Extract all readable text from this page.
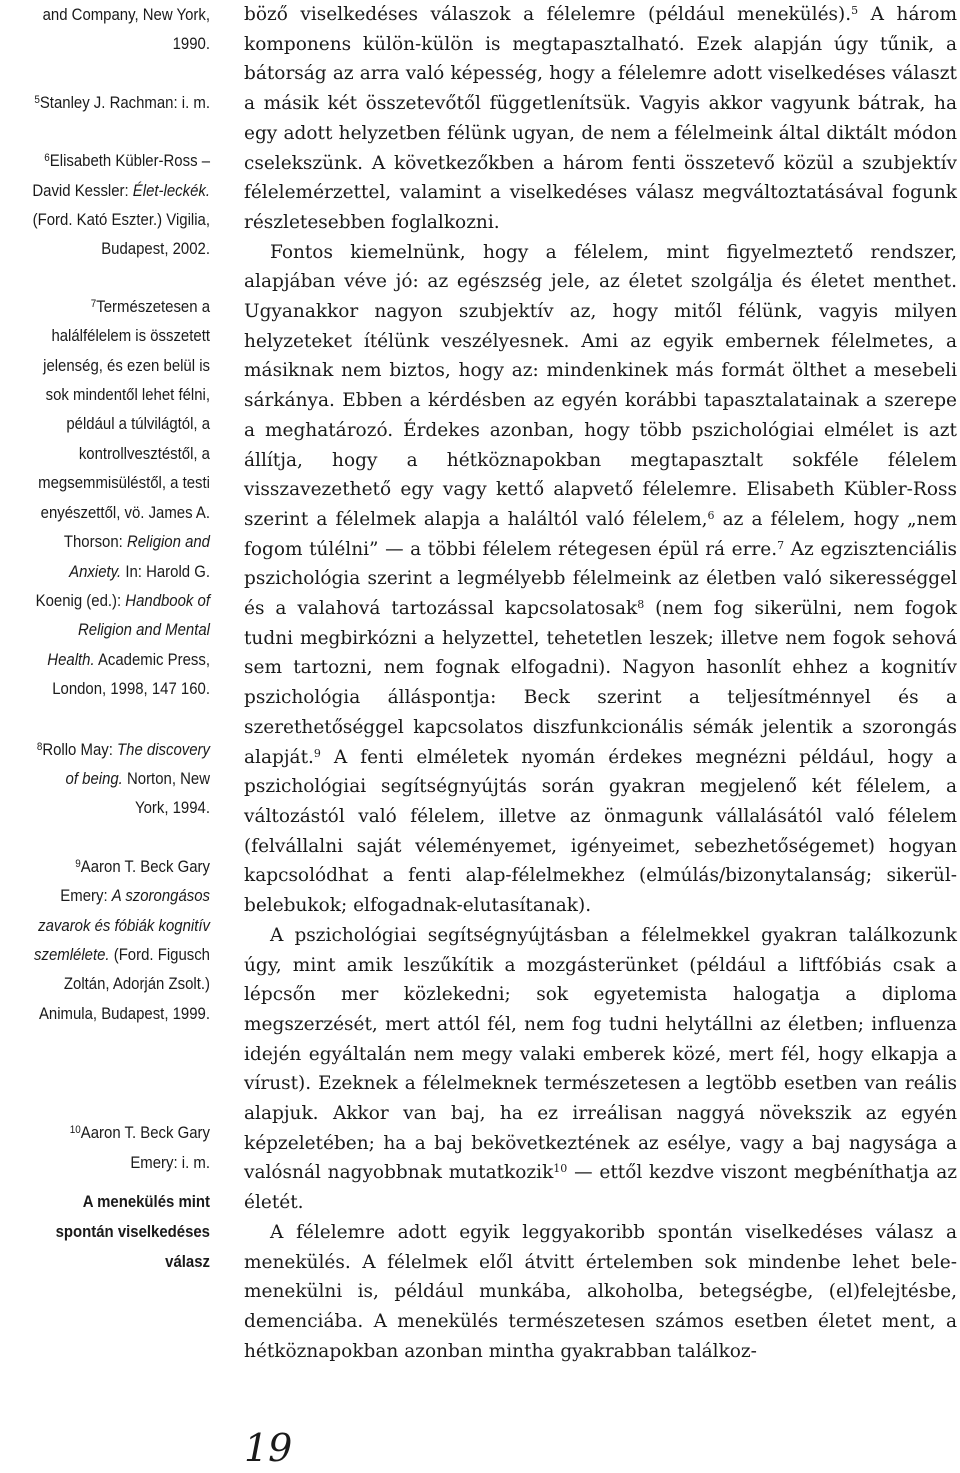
and Company, New York, 1990.

$^5$Stanley J. Rachman: i. m.

$^6$Elisabeth Kübler-Ross – David Kessler: Élet-leckék. (Ford. Kató Eszter.) Vigilia, Budapest, 2002.

$^7$Természetesen a halálfélelem is összetett jelenség, és ezen belül is sok mindentől lehet félni, például a túlvilágtól, a kontrollvesztéstől, a megsemmisüléstől, a testi enyészettől, vö. James A. Thorson: Religion and Anxiety. In: Harold G. Koenig (ed.): Handbook of Religion and Mental Health. Academic Press, London, 1998, 147 160.

$^8$Rollo May: The discovery of being. Norton, New York, 1994.

$^9$Aaron T. Beck Gary Emery: A szorongásos zavarok és fóbiák kognitív szemlélete. (Ford. Figusch Zoltán, Adorján Zsolt.) Animula, Budapest, 1999.

$^{10}$Aaron T. Beck Gary Emery: i. m.

A menekülés mint spontán viselkedéses válasz

böző viselkedéses válaszok a félelemre (például menekülés).$^5$ A három komponens külön-külön is megtapasztalható. Ezek alapján úgy tűnik, a bátorság az arra való képesség, hogy a félelemre adott viselkedéses választ a másik két összetevőtől függetlenítsük. Vagyis akkor vagyunk bátrak, ha egy adott helyzetben félünk ugyan, de nem a félelmeink által diktált módon cselekszünk. A következőkben a három fenti összetevő közül a szubjektív félelemérzettel, valamint a viselkedéses válasz megváltoztatásával fogunk részletesebben foglalkozni.

Fontos kiemelnünk, hogy a félelem, mint figyelmeztető rendszer, alapjában véve jó: az egészség jele, az életet szolgálja és életet menthet. Ugyanakkor nagyon szubjektív az, hogy mitől félünk, vagyis milyen helyzeteket ítélünk veszélyesnek. Ami az egyik embernek félelmetes, a másiknak nem biztos, hogy az: mindenkinek más formát ölthet a mesebeli sárkánya. Ebben a kérdésben az egyén korábbi tapasztalatainak a szerepe a meghatározó. Érdekes azonban, hogy több pszichológiai elmélet is azt állítja, hogy a hétköznapokban megtapasztalt sokféle félelem visszavezethető egy vagy kettő alapvető félelemre. Elisabeth Kübler-Ross szerint a félelmek alapja a haláltól való félelem,$^6$ az a félelem, hogy „nem fogom túlélni” — a többi félelem rétegesen épül rá erre.$^7$ Az egzisztenciális pszichológia szerint a legmélyebb félelmeink az életben való sikerességgel és a valahová tartozással kapcsolatosak$^8$ (nem fog sikerülni, nem fogok tudni megbirkózni a helyzettel, tehetetlen leszek; illetve nem fogok sehová sem tartozni, nem fognak elfogadni). Nagyon hasonlít ehhez a kognitív pszichológia álláspontja: Beck szerint a teljesítménnyel és a szerethetőséggel kapcsolatos diszfunkcionális sémák jelentik a szorongás alapját.$^9$ A fenti elméletek nyomán érdekes megnézni például, hogy a pszichológiai segítségnyújtás során gyakran megjelenő két félelem, a változástól való félelem, illetve az önmagunk vállalásától való félelem (felvállalni saját véleményemet, igényeimet, sebezhetőségemet) hogyan kapcsolódhat a fenti alap-félelmekhez (elmúlás/bizonytalanság; sikerül-belebukok; elfogadnak-elutasítanak).

A pszichológiai segítségnyújtásban a félelmekkel gyakran találkozunk úgy, mint amik leszűkítik a mozgásterünket (például a liftfóbiás csak a lépcsőn mer közlekedni; sok egyetemista halogatja a diploma megszerzését, mert attól fél, nem fog tudni helytállni az életben; influenza idején egyáltalán nem megy valaki emberek közé, mert fél, hogy elkapja a vírust). Ezeknek a félelmeknek természetesen a legtöbb esetben van reális alapjuk. Akkor van baj, ha ez irreálisan naggyá növekszik az egyén képzeletében; ha a baj bekövetkeztének az esélye, vagy a baj nagysága a valósnál nagyobbnak mutatkozik$^{10}$ — ettől kezdve viszont megbéníthatja az életét.

A félelemre adott egyik leggyakoribb spontán viselkedéses válasz a menekülés. A félelmek elől átvitt értelemben sok mindenbe lehet bele-menekülni is, például munkába, alkoholba, betegségbe, (el)felejtésbe, demenciába. A menekülés természetesen számos esetben életet ment, a hétköznapokban azonban mintha gyakrabban találkoz-

19
